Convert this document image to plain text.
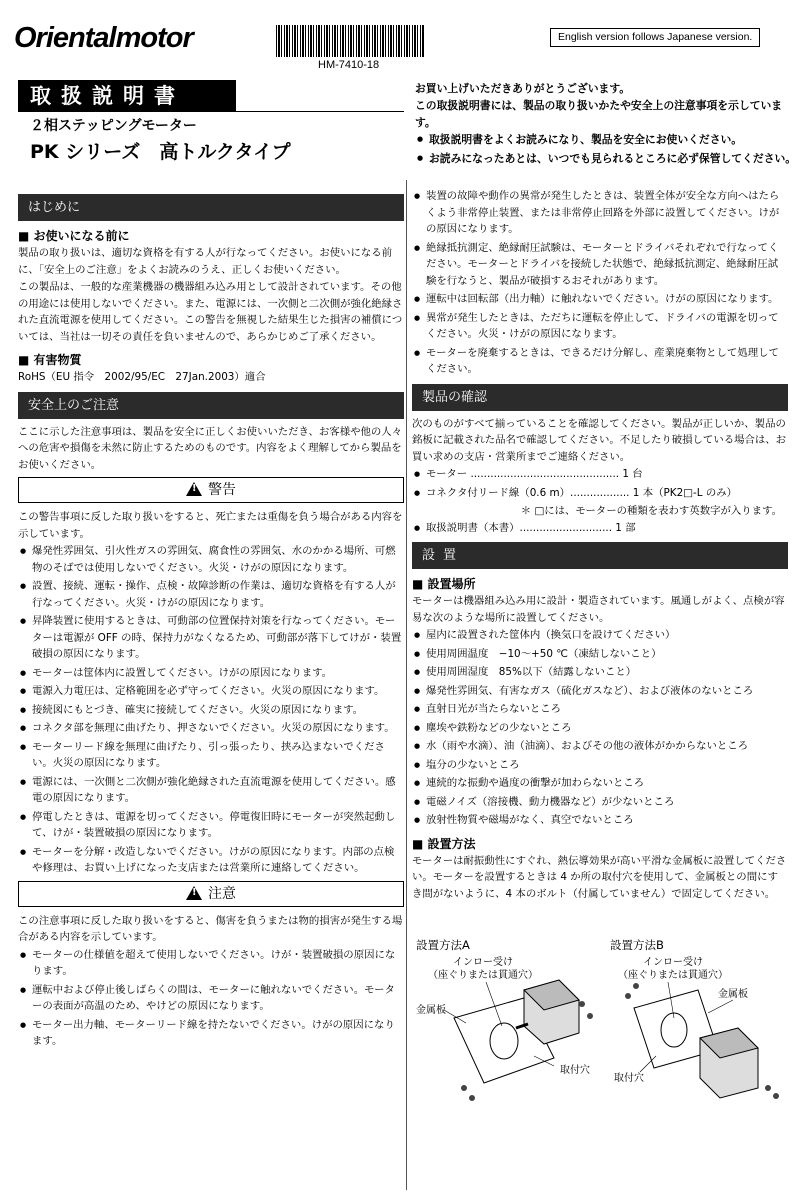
Orientalmotor
HM-7410-18
English version follows Japanese version.
取扱説明書
２相ステッピングモーター
PK シリーズ　高トルクタイプ
お買い上げいただきありがとうございます。
この取扱説明書には、製品の取り扱いかたや安全上の注意事項を示しています。
● 取扱説明書をよくお読みになり、製品を安全にお使いください。
● お読みになったあとは、いつでも見られるところに必ず保管してください。
はじめに
■ お使いになる前に
製品の取り扱いは、適切な資格を有する人が行なってください。お使いになる前に、「安全上のご注意」をよくお読みのうえ、正しくお使いください。
この製品は、一般的な産業機器の機器組み込み用として設計されています。その他の用途には使用しないでください。また、電源には、一次側と二次側が強化絶縁された直流電源を使用してください。この警告を無視した結果生じた損害の補償については、当社は一切その責任を負いませんので、あらかじめご了承ください。
■ 有害物質
RoHS（EU 指令　2002/95/EC　27Jan.2003）適合
安全上のご注意
ここに示した注意事項は、製品を安全に正しくお使いいただき、お客様や他の人々への危害や損傷を未然に防止するためのものです。内容をよく理解してから製品をお使いください。
!警告
この警告事項に反した取り扱いをすると、死亡または重傷を負う場合がある内容を示しています。
● 爆発性雰囲気、引火性ガスの雰囲気、腐食性の雰囲気、水のかかる場所、可燃物のそばでは使用しないでください。火災・けがの原因になります。
● 設置、接続、運転・操作、点検・故障診断の作業は、適切な資格を有する人が行なってください。火災・けがの原因になります。
● 昇降装置に使用するときは、可動部の位置保持対策を行なってください。モーターは電源が OFF の時、保持力がなくなるため、可動部が落下してけが・装置破損の原因になります。
● モーターは筐体内に設置してください。けがの原因になります。
● 電源入力電圧は、定格範囲を必ず守ってください。火災の原因になります。
● 接続図にもとづき、確実に接続してください。火災の原因になります。
● コネクタ部を無理に曲げたり、押さないでください。火災の原因になります。
● モーターリード線を無理に曲げたり、引っ張ったり、挟み込まないでください。火災の原因になります。
● 電源には、一次側と二次側が強化絶縁された直流電源を使用してください。感電の原因になります。
● 停電したときは、電源を切ってください。停電復旧時にモーターが突然起動して、けが・装置破損の原因になります。
● モーターを分解・改造しないでください。けがの原因になります。内部の点検や修理は、お買い上げになった支店または営業所に連絡してください。
!注意
この注意事項に反した取り扱いをすると、傷害を負うまたは物的損害が発生する場合がある内容を示しています。
● モーターの仕様値を超えて使用しないでください。けが・装置破損の原因になります。
● 運転中および停止後しばらくの間は、モーターに触れないでください。モーターの表面が高温のため、やけどの原因になります。
● モーター出力軸、モーターリード線を持たないでください。けがの原因になります。
● 装置の故障や動作の異常が発生したときは、装置全体が安全な方向へはたらくよう非常停止装置、または非常停止回路を外部に設置してください。けがの原因になります。
● 絶縁抵抗測定、絶縁耐圧試験は、モーターとドライバそれぞれで行なってください。モーターとドライバを接続した状態で、絶縁抵抗測定、絶縁耐圧試験を行なうと、製品が破損するおそれがあります。
● 運転中は回転部（出力軸）に触れないでください。けがの原因になります。
● 異常が発生したときは、ただちに運転を停止して、ドライバの電源を切ってください。火災・けがの原因になります。
● モーターを廃棄するときは、できるだけ分解し、産業廃棄物として処理してください。
製品の確認
次のものがすべて揃っていることを確認してください。製品が正しいか、製品の銘板に記載された品名で確認してください。不足したり破損している場合は、お買い求めの支店・営業所までご連絡ください。
● モーター ............................................. 1 台
● コネクタ付リード線（0.6 m）.................. 1 本（PK2□-L のみ）
＊ □には、モーターの種類を表わす英数字が入ります。
● 取扱説明書（本書）............................ 1 部
設置
■ 設置場所
モーターは機器組み込み用に設計・製造されています。風通しがよく、点検が容易な次のような場所に設置してください。
● 屋内に設置された筐体内（換気口を設けてください）
● 使用周囲温度　−10〜+50 ℃（凍結しないこと）
● 使用周囲湿度　85%以下（結露しないこと）
● 爆発性雰囲気、有害なガス（硫化ガスなど）、および液体のないところ
● 直射日光が当たらないところ
● 塵埃や鉄粉などの少ないところ
● 水（雨や水滴）、油（油滴）、およびその他の液体がかからないところ
● 塩分の少ないところ
● 連続的な振動や過度の衝撃が加わらないところ
● 電磁ノイズ（溶接機、動力機器など）が少ないところ
● 放射性物質や磁場がなく、真空でないところ
■ 設置方法
モーターは耐振動性にすぐれ、熱伝導効果が高い平滑な金属板に設置してください。モーターを設置するときは 4 か所の取付穴を使用して、金属板との間にすき間がないように、4 本のボルト（付属していません）で固定してください。
設置方法A
インロー受け
（座ぐりまたは貫通穴）
金属板
取付穴
設置方法B
インロー受け
（座ぐりまたは貫通穴）
金属板
取付穴
